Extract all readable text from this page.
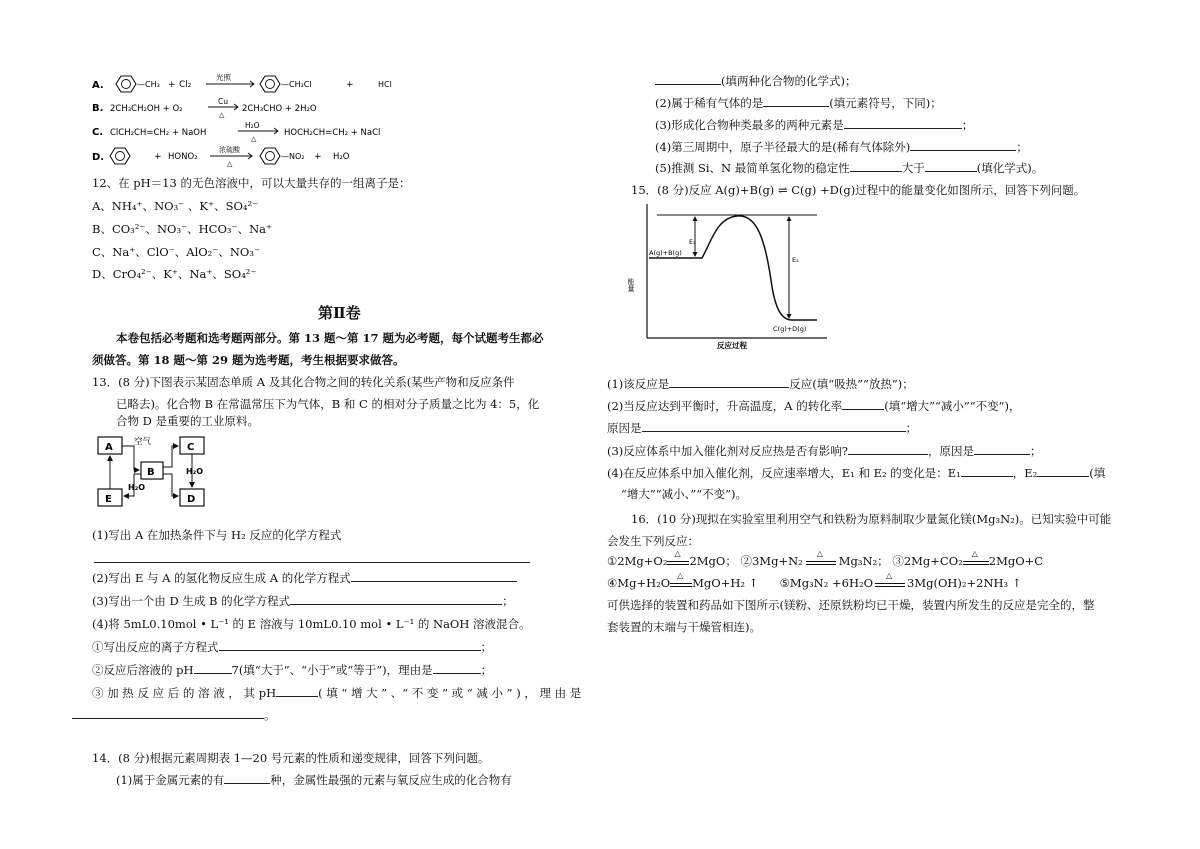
A.	—CH₃ + Cl₂
光照
—CH₂Cl	+	HCl
B. 2CH₃CH₂OH + O₂
Cu
△
2CH₃CHO + 2H₂O
C. ClCH₂CH=CH₂ + NaOH
H₂O
△
HOCH₂CH=CH₂ + NaCl
D.	+ HONO₂
浓硫酸
△
—NO₂ + H₂O
12、在 pH＝13 的无色溶液中，可以大量共存的一组离子是：
A、NH₄⁺、NO₃⁻ 、K⁺、SO₄²⁻
B、CO₃²⁻、NO₃⁻、HCO₃⁻、Na⁺
C、Na⁺、ClO⁻、AlO₂⁻、NO₃⁻
D、CrO₄²⁻、K⁺、Na⁺、SO₄²⁻
第Ⅱ卷
本卷包括必考题和选考题两部分。第 13 题～第 17 题为必考题，每个试题考生都必
须做答。第 18 题～第 29 题为选考题，考生根据要求做答。
13．(8 分)下图表示某固态单质 A 及其化合物之间的转化关系(某些产物和反应条件
已略去)。化合物 B 在常温常压下为气体，B 和 C 的相对分子质量之比为 4：5，化
合物 D 是重要的工业原料。
A	C
B
E	D
空气
H₂O
H₂O
(1)写出 A 在加热条件下与 H₂ 反应的化学方程式
(2)写出 E 与 A 的氢化物反应生成 A 的化学方程式
(3)写出一个由 D 生成 B 的化学方程式	；
(4)将 5mL0.10mol • L⁻¹ 的 E 溶液与 10mL0.10 mol • L⁻¹ 的 NaOH 溶液混合。
①写出反应的离子方程式	；
②反应后溶液的 pH	7(填“大于”、“小于”或“等于”)，理由是	；
③ 加 热 反 应 后 的 溶 液 ， 其 pH	( 填 “ 增 大 ” 、“ 不 变 ” 或 “ 减 小 ” ) ， 理 由 是
。
14．(8 分)根据元素周期表 1—20 号元素的性质和递变规律，回答下列问题。
(1)属于金属元素的有	种，金属性最强的元素与氧反应生成的化合物有
(填两种化合物的化学式)；
(2)属于稀有气体的是	(填元素符号，下同)；
(3)形成化合物种类最多的两种元素是	；
(4)第三周期中，原子半径最大的是(稀有气体除外)	；
(5)推测 Si、N 最简单氢化物的稳定性	大于	(填化学式)。
15．(8 分)反应 A(g)+B(g) ⇌ C(g) +D(g)过程中的能量变化如图所示，回答下列问题。
能量
反应过程
A(g)+B(g)
C(g)+D(g)
E₁
E₂
(1)该反应是	反应(填“吸热”“放热”)；
(2)当反应达到平衡时，升高温度，A 的转化率	(填“增大”“减小”“不变”)，
原因是	；
(3)反应体系中加入催化剂对反应热是否有影响?	，原因是	；
(4)在反应体系中加入催化剂，反应速率增大，E₁ 和 E₂ 的变化是：E₁	，E₂	(填
“增大”“减小、”“不变”)。
16．(10 分)现拟在实验室里利用空气和铁粉为原料制取少量氮化镁(Mg₃N₂)。已知实验中可能
会发生下列反应：
①2Mg+O₂
△
2MgO； ②3Mg+N₂
△
Mg₃N₂； ③2Mg+CO₂
△
2MgO+C
④Mg+H₂O
△
MgO+H₂ ↑ ⑤Mg₃N₂ +6H₂O
△
3Mg(OH)₂+2NH₃ ↑
可供选择的装置和药品如下图所示(镁粉、还原铁粉均已干燥，装置内所发生的反应是完全的，整
套装置的末端与干燥管相连)。
